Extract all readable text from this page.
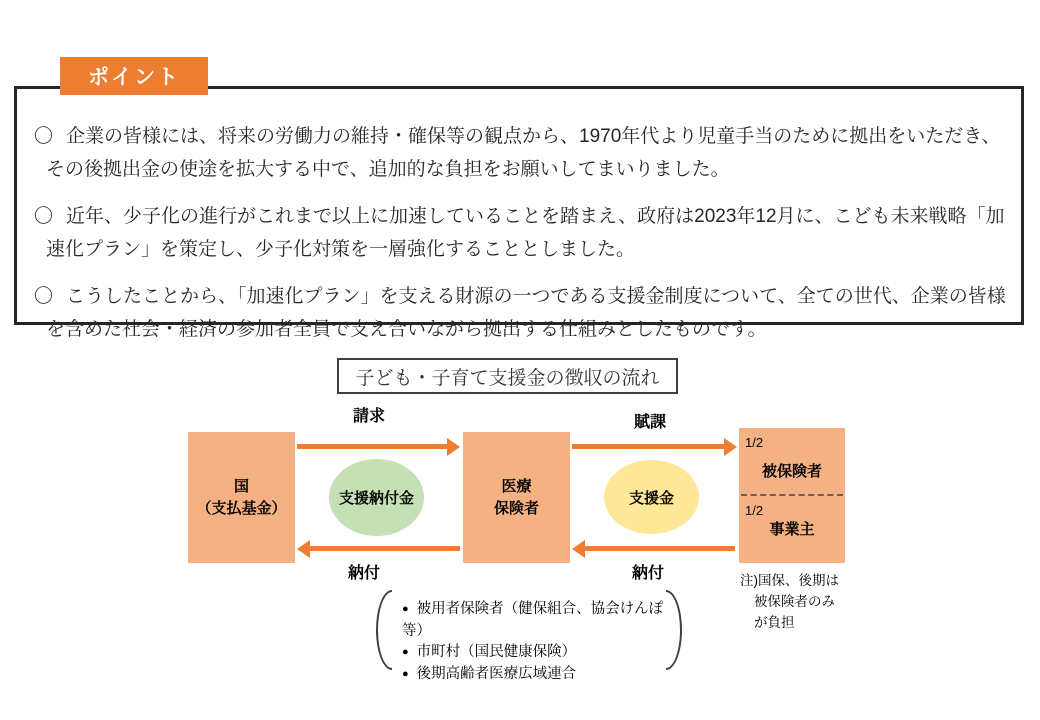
ポイント
〇 企業の皆様には、将来の労働力の維持・確保等の観点から、1970年代より児童手当のために拠出をいただき、その後拠出金の使途を拡大する中で、追加的な負担をお願いしてまいりました。
〇 近年、少子化の進行がこれまで以上に加速していることを踏まえ、政府は2023年12月に、こども未来戦略「加速化プラン」を策定し、少子化対策を一層強化することとしました。
〇 こうしたことから、「加速化プラン」を支える財源の一つである支援金制度について、全ての世代、企業の皆様を含めた社会・経済の参加者全員で支え合いながら拠出する仕組みとしたものです。
子ども・子育て支援金の徴収の流れ
国
（支払基金）
医療
保険者
1/2
被保険者
1/2
事業主
支援納付金	支援金
請求	賦課
納付	納付	注)国保、後期は
被保険者のみ
が負担
● 被用者保険者（健保組合、協会けんぽ等）
● 市町村（国民健康保険）
● 後期高齢者医療広域連合
